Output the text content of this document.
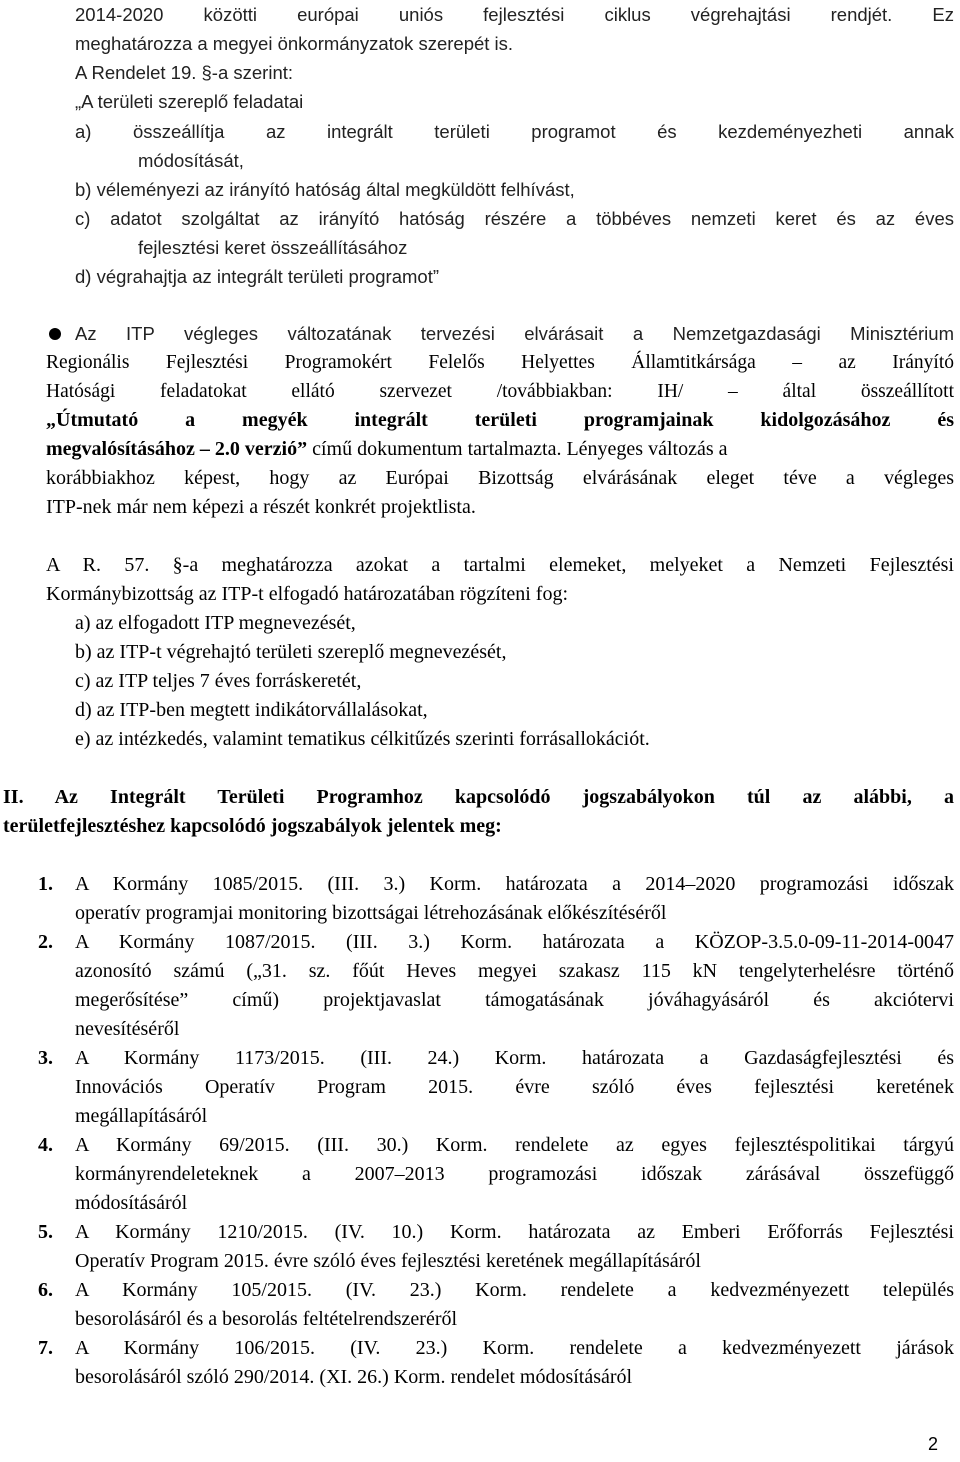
2014-2020 közötti európai uniós fejlesztési ciklus végrehajtási rendjét. Ez
meghatározza a megyei önkormányzatok szerepét is.
A Rendelet 19. §-a szerint:
„A területi szereplő feladatai
a) összeállítja az integrált területi programot és kezdeményezheti annak
módosítását,
b) véleményezi az irányító hatóság által megküldött felhívást,
c) adatot szolgáltat az irányító hatóság részére a többéves nemzeti keret és az éves
fejlesztési keret összeállításához
d) végrahajtja az integrált területi programot”
Az ITP végleges változatának tervezési elvárásait a Nemzetgazdasági Minisztérium
Regionális Fejlesztési Programokért Felelős Helyettes Államtitkársága ‒ az Irányító
Hatósági feladatokat ellátó szervezet /továbbiakban: IH/ ‒ által összeállított
„Útmutató a megyék integrált területi programjainak kidolgozásához és
megvalósításához ‒ 2.0 verzió” című dokumentum tartalmazta. Lényeges változás a
korábbiakhoz képest, hogy az Európai Bizottság elvárásának eleget téve a végleges
ITP-nek már nem képezi a részét konkrét projektlista.
A R. 57. §-a meghatározza azokat a tartalmi elemeket, melyeket a Nemzeti Fejlesztési
Kormánybizottság az ITP-t elfogadó határozatában rögzíteni fog:
a) az elfogadott ITP megnevezését,
b) az ITP-t végrehajtó területi szereplő megnevezését,
c) az ITP teljes 7 éves forráskeretét,
d) az ITP-ben megtett indikátorvállalásokat,
e) az intézkedés, valamint tematikus célkitűzés szerinti forrásallokációt.
II. Az Integrált Területi Programhoz kapcsolódó jogszabályokon túl az alábbi, a
területfejlesztéshez kapcsolódó jogszabályok jelentek meg:
1. A Kormány 1085/2015. (III. 3.) Korm. határozata a 2014‒2020 programozási időszak
operatív programjai monitoring bizottságai létrehozásának előkészítéséről
2. A Kormány 1087/2015. (III. 3.) Korm. határozata a KÖZOP-3.5.0-09-11-2014-0047
azonosító számú („31. sz. főút Heves megyei szakasz 115 kN tengelyterhelésre történő
megerősítése” című) projektjavaslat támogatásának jóváhagyásáról és akciótervi
nevesítéséről
3. A Kormány 1173/2015. (III. 24.) Korm. határozata a Gazdaságfejlesztési és
Innovációs Operatív Program 2015. évre szóló éves fejlesztési keretének
megállapításáról
4. A Kormány 69/2015. (III. 30.) Korm. rendelete az egyes fejlesztéspolitikai tárgyú
kormányrendeleteknek a 2007‒2013 programozási időszak zárásával összefüggő
módosításáról
5. A Kormány 1210/2015. (IV. 10.) Korm. határozata az Emberi Erőforrás Fejlesztési
Operatív Program 2015. évre szóló éves fejlesztési keretének megállapításáról
6. A Kormány 105/2015. (IV. 23.) Korm. rendelete a kedvezményezett település
besorolásáról és a besorolás feltételrendszeréről
7. A Kormány 106/2015. (IV. 23.) Korm. rendelete a kedvezményezett járások
besorolásáról szóló 290/2014. (XI. 26.) Korm. rendelet módosításáról
2
